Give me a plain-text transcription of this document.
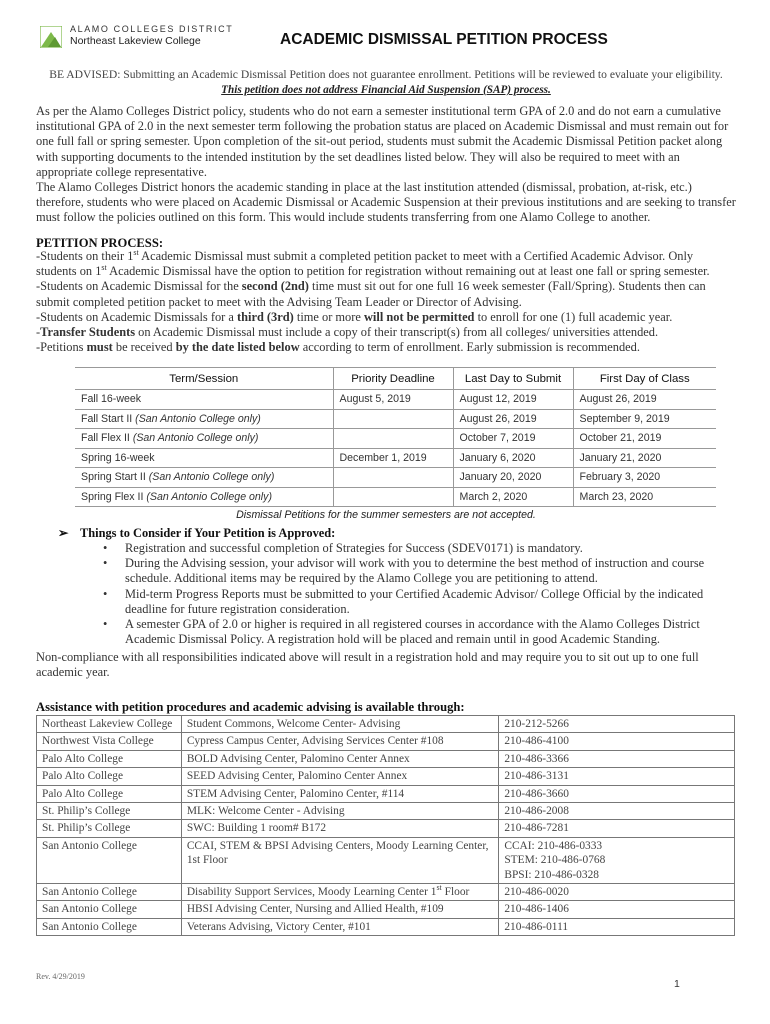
ALAMO COLLEGES DISTRICT
Northeast Lakeview College	ACADEMIC DISMISSAL PETITION PROCESS
BE ADVISED: Submitting an Academic Dismissal Petition does not guarantee enrollment. Petitions will be reviewed to evaluate your eligibility.
This petition does not address Financial Aid Suspension (SAP) process.
As per the Alamo Colleges District policy, students who do not earn a semester institutional term GPA of 2.0 and do not earn a cumulative institutional GPA of 2.0 in the next semester term following the probation status are placed on Academic Dismissal and must remain out for one full fall or spring semester. Upon completion of the sit-out period, students must submit the Academic Dismissal Petition packet along with supporting documents to the intended institution by the set deadlines listed below. They will also be required to meet with an appropriate college representative.
The Alamo Colleges District honors the academic standing in place at the last institution attended (dismissal, probation, at-risk, etc.) therefore, students who were placed on Academic Dismissal or Academic Suspension at their previous institutions and are seeking to transfer must follow the policies outlined on this form. This would include students transferring from one Alamo College to another.
PETITION PROCESS:
-Students on their 1st Academic Dismissal must submit a completed petition packet to meet with a Certified Academic Advisor. Only students on 1st Academic Dismissal have the option to petition for registration without remaining out at least one fall or spring semester.
-Students on Academic Dismissal for the second (2nd) time must sit out for one full 16 week semester (Fall/Spring). Students then can submit completed petition packet to meet with the Advising Team Leader or Director of Advising.
-Students on Academic Dismissals for a third (3rd) time or more will not be permitted to enroll for one (1) full academic year.
-Transfer Students on Academic Dismissal must include a copy of their transcript(s) from all colleges/ universities attended.
-Petitions must be received by the date listed below according to term of enrollment. Early submission is recommended.
Term/Session	Priority Deadline	Last Day to Submit	First Day of Class
Fall 16-week	August 5, 2019	August 12, 2019	August 26, 2019
Fall Start II (San Antonio College only)		August 26, 2019	September 9, 2019
Fall Flex II (San Antonio College only)		October 7, 2019	October 21, 2019
Spring 16-week	December 1, 2019	January 6, 2020	January 21, 2020
Spring Start II (San Antonio College only)		January 20, 2020	February 3, 2020
Spring Flex II (San Antonio College only)		March 2, 2020	March 23, 2020
Dismissal Petitions for the summer semesters are not accepted.
➢ Things to Consider if Your Petition is Approved:
• Registration and successful completion of Strategies for Success (SDEV0171) is mandatory.
• During the Advising session, your advisor will work with you to determine the best method of instruction and course schedule. Additional items may be required by the Alamo College you are petitioning to attend.
• Mid-term Progress Reports must be submitted to your Certified Academic Advisor/ College Official by the indicated deadline for future registration consideration.
• A semester GPA of 2.0 or higher is required in all registered courses in accordance with the Alamo Colleges District Academic Dismissal Policy. A registration hold will be placed and remain until in good Academic Standing.
Non-compliance with all responsibilities indicated above will result in a registration hold and may require you to sit out up to one full academic year.
Assistance with petition procedures and academic advising is available through:
Northeast Lakeview College	Student Commons, Welcome Center- Advising	210-212-5266

Northwest Vista College	Cypress Campus Center, Advising Services Center #108	210-486-4100

Palo Alto College	BOLD Advising Center, Palomino Center Annex	210-486-3366

Palo Alto College	SEED Advising Center, Palomino Center Annex	210-486-3131

Palo Alto College	STEM Advising Center, Palomino Center, #114	210-486-3660

St. Philip’s College	MLK: Welcome Center - Advising	210-486-2008

St. Philip’s College	SWC: Building 1 room# B172	210-486-7281

San Antonio College	CCAI, STEM & BPSI Advising Centers, Moody Learning Center, 1st Floor	CCAI: 210-486-0333
STEM: 210-486-0768
BPSI: 210-486-0328

San Antonio College	Disability Support Services, Moody Learning Center 1st Floor	210-486-0020

San Antonio College	HBSI Advising Center, Nursing and Allied Health, #109	210-486-1406

San Antonio College	Veterans Advising, Victory Center, #101	210-486-0111
Rev. 4/29/2019
1
